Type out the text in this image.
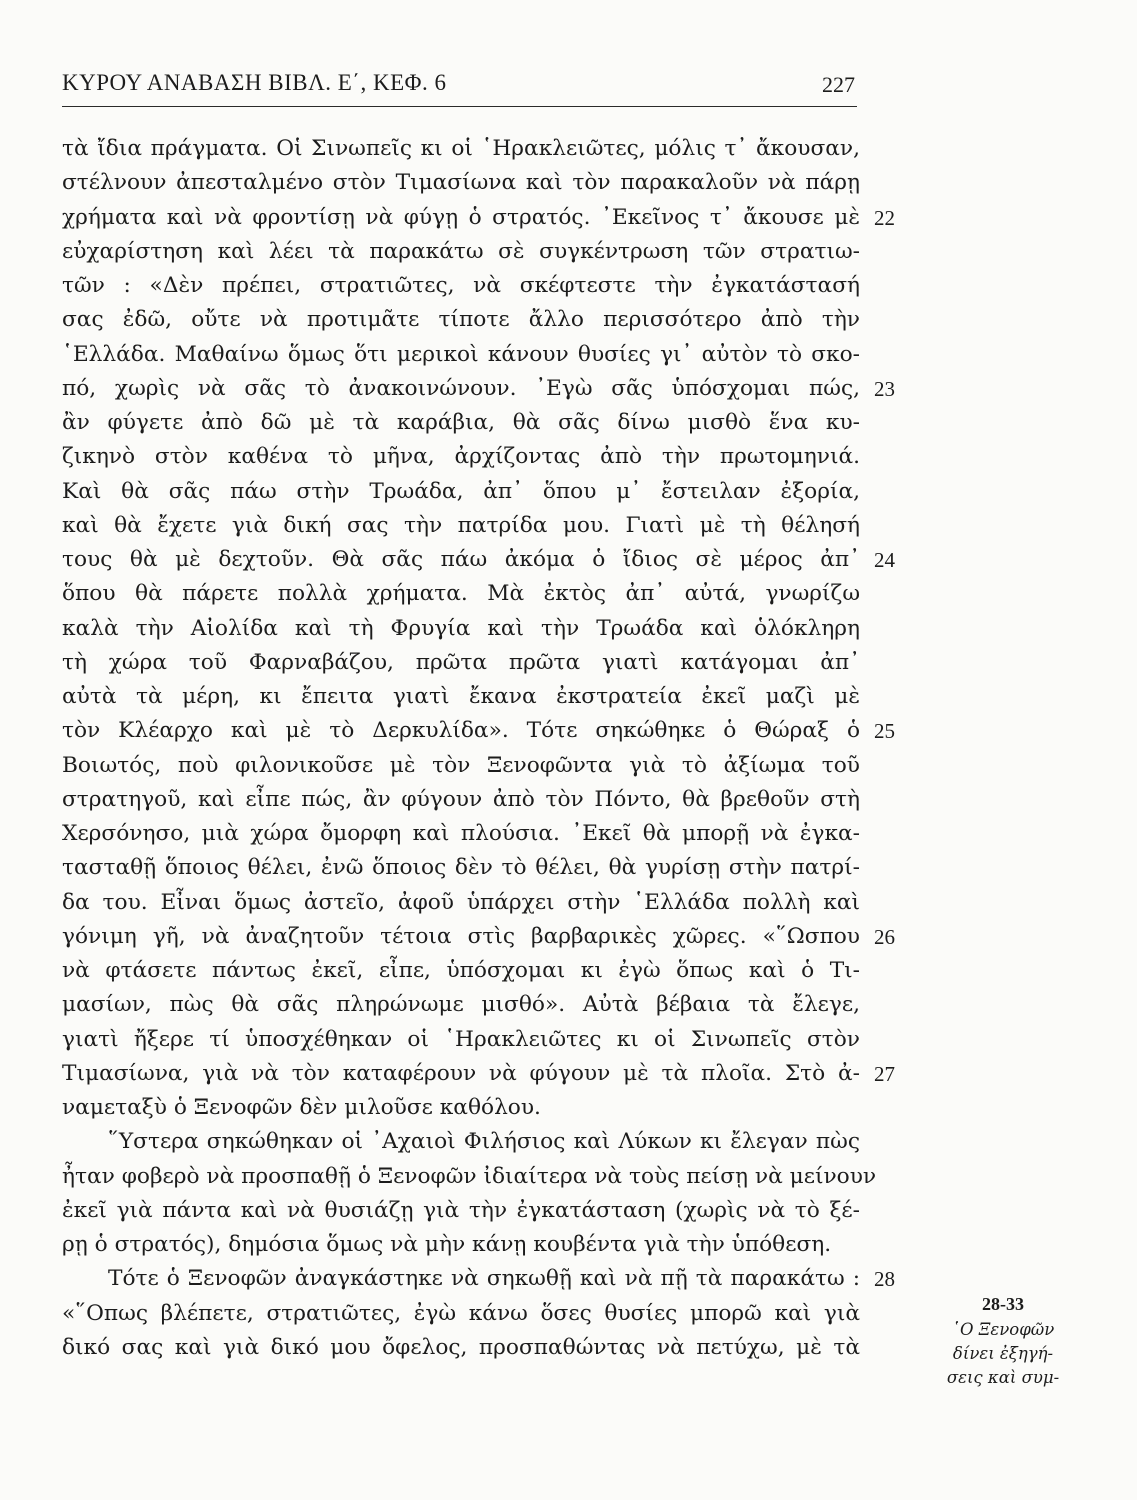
ΚΥΡΟΥ ΑΝΑΒΑΣΗ ΒΙΒΛ. Ε΄, ΚΕΦ. 6	227
τὰ ἴδια πράγματα. Οἱ Σινωπεῖς κι οἱ ῾Ηρακλειῶτες, μόλις τ᾽ ἄκουσαν,
στέλνουν ἀπεσταλμένο στὸν Τιμασίωνα καὶ τὸν παρακαλοῦν νὰ πάρῃ
χρήματα καὶ νὰ φροντίσῃ νὰ φύγῃ ὁ στρατός. ᾽Εκεῖνος τ᾽ ἄκουσε μὲ 22
εὐχαρίστηση καὶ λέει τὰ παρακάτω σὲ συγκέντρωση τῶν στρατιω-
τῶν : «Δὲν πρέπει, στρατιῶτες, νὰ σκέφτεστε τὴν ἐγκατάστασή
σας ἐδῶ, οὔτε νὰ προτιμᾶτε τίποτε ἄλλο περισσότερο ἀπὸ τὴν
῾Ελλάδα. Μαθαίνω ὅμως ὅτι μερικοὶ κάνουν θυσίες γι᾽ αὐτὸν τὸ σκο-
πό, χωρὶς νὰ σᾶς τὸ ἀνακοινώνουν. ᾽Εγὼ σᾶς ὑπόσχομαι πώς, 23
ἂν φύγετε ἀπὸ δῶ μὲ τὰ καράβια, θὰ σᾶς δίνω μισθὸ ἕνα κυ-
ζικηνὸ στὸν καθένα τὸ μῆνα, ἀρχίζοντας ἀπὸ τὴν πρωτομηνιά.
Καὶ θὰ σᾶς πάω στὴν Τρωάδα, ἀπ᾽ ὅπου μ᾽ ἔστειλαν ἐξορία,
καὶ θὰ ἔχετε γιὰ δική σας τὴν πατρίδα μου. Γιατὶ μὲ τὴ θέλησή
τους θὰ μὲ δεχτοῦν. Θὰ σᾶς πάω ἀκόμα ὁ ἴδιος σὲ μέρος ἀπ᾽ 24
ὅπου θὰ πάρετε πολλὰ χρήματα. Μὰ ἐκτὸς ἀπ᾽ αὐτά, γνωρίζω
καλὰ τὴν Αἰολίδα καὶ τὴ Φρυγία καὶ τὴν Τρωάδα καὶ ὁλόκληρη
τὴ χώρα τοῦ Φαρναβάζου, πρῶτα πρῶτα γιατὶ κατάγομαι ἀπ᾽
αὐτὰ τὰ μέρη, κι ἔπειτα γιατὶ ἔκανα ἐκστρατεία ἐκεῖ μαζὶ μὲ
τὸν Κλέαρχο καὶ μὲ τὸ Δερκυλίδα». Τότε σηκώθηκε ὁ Θώραξ ὁ 25
Βοιωτός, ποὺ φιλονικοῦσε μὲ τὸν Ξενοφῶντα γιὰ τὸ ἀξίωμα τοῦ
στρατηγοῦ, καὶ εἶπε πώς, ἂν φύγουν ἀπὸ τὸν Πόντο, θὰ βρεθοῦν στὴ
Χερσόνησο, μιὰ χώρα ὄμορφη καὶ πλούσια. ᾽Εκεῖ θὰ μπορῇ νὰ ἐγκα-
τασταθῇ ὅποιος θέλει, ἐνῶ ὅποιος δὲν τὸ θέλει, θὰ γυρίσῃ στὴν πατρί-
δα του. Εἶναι ὅμως ἀστεῖο, ἀφοῦ ὑπάρχει στὴν ῾Ελλάδα πολλὴ καὶ
γόνιμη γῆ, νὰ ἀναζητοῦν τέτοια στὶς βαρβαρικὲς χῶρες. «῞Ωσπου 26
νὰ φτάσετε πάντως ἐκεῖ, εἶπε, ὑπόσχομαι κι ἐγὼ ὅπως καὶ ὁ Τι-
μασίων, πὼς θὰ σᾶς πληρώνωμε μισθό». Αὐτὰ βέβαια τὰ ἔλεγε,
γιατὶ ἤξερε τί ὑποσχέθηκαν οἱ ῾Ηρακλειῶτες κι οἱ Σινωπεῖς στὸν
Τιμασίωνα, γιὰ νὰ τὸν καταφέρουν νὰ φύγουν μὲ τὰ πλοῖα. Στὸ ἀ- 27
ναμεταξὺ ὁ Ξενοφῶν δὲν μιλοῦσε καθόλου.
῞Υστερα σηκώθηκαν οἱ ᾽Αχαιοὶ Φιλήσιος καὶ Λύκων κι ἔλεγαν πὼς
ἦταν φοβερὸ νὰ προσπαθῇ ὁ Ξενοφῶν ἰδιαίτερα νὰ τοὺς πείσῃ νὰ μείνουν
ἐκεῖ γιὰ πάντα καὶ νὰ θυσιάζῃ γιὰ τὴν ἐγκατάσταση (χωρὶς νὰ τὸ ξέ-
ρῃ ὁ στρατός), δημόσια ὅμως νὰ μὴν κάνῃ κουβέντα γιὰ τὴν ὑπόθεση.
Τότε ὁ Ξενοφῶν ἀναγκάστηκε νὰ σηκωθῇ καὶ νὰ πῇ τὰ παρακάτω : 28
«῞Οπως βλέπετε, στρατιῶτες, ἐγὼ κάνω ὅσες θυσίες μπορῶ καὶ γιὰ
δικό σας καὶ γιὰ δικό μου ὄφελος, προσπαθώντας νὰ πετύχω, μὲ τὰ
28-33
῾Ο Ξενοφῶν
δίνει ἐξηγή-
σεις καὶ συμ-
